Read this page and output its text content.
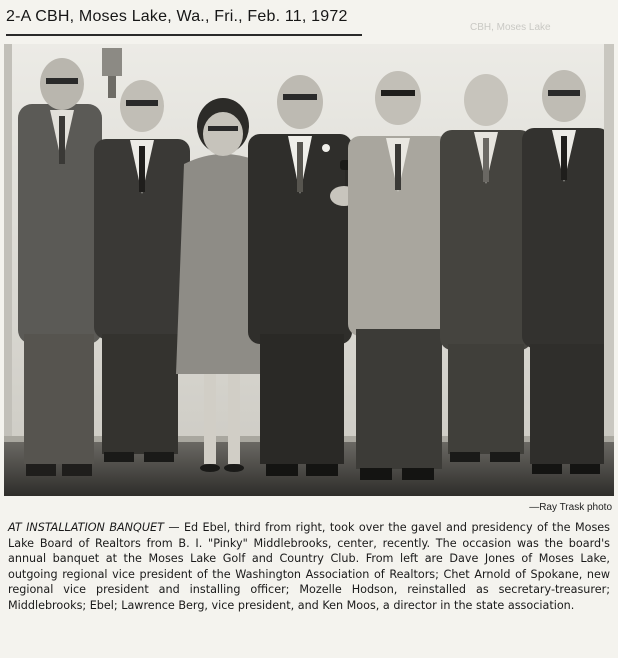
CBH, Moses Lake
2-A CBH, Moses Lake, Wa., Fri., Feb. 11, 1972
—Ray Trask photo
AT INSTALLATION BANQUET — Ed Ebel, third from right, took over the gavel and presidency of the Moses Lake Board of Realtors from B. I. "Pinky" Middlebrooks, center, recently. The occasion was the board's annual banquet at the Moses Lake Golf and Country Club. From left are Dave Jones of Moses Lake, outgoing regional vice president of the Washington Association of Realtors; Chet Arnold of Spokane, new regional vice president and installing officer; Mozelle Hodson, reinstalled as secretary-treasurer; Middlebrooks; Ebel; Lawrence Berg, vice president, and Ken Moos, a director in the state association.
